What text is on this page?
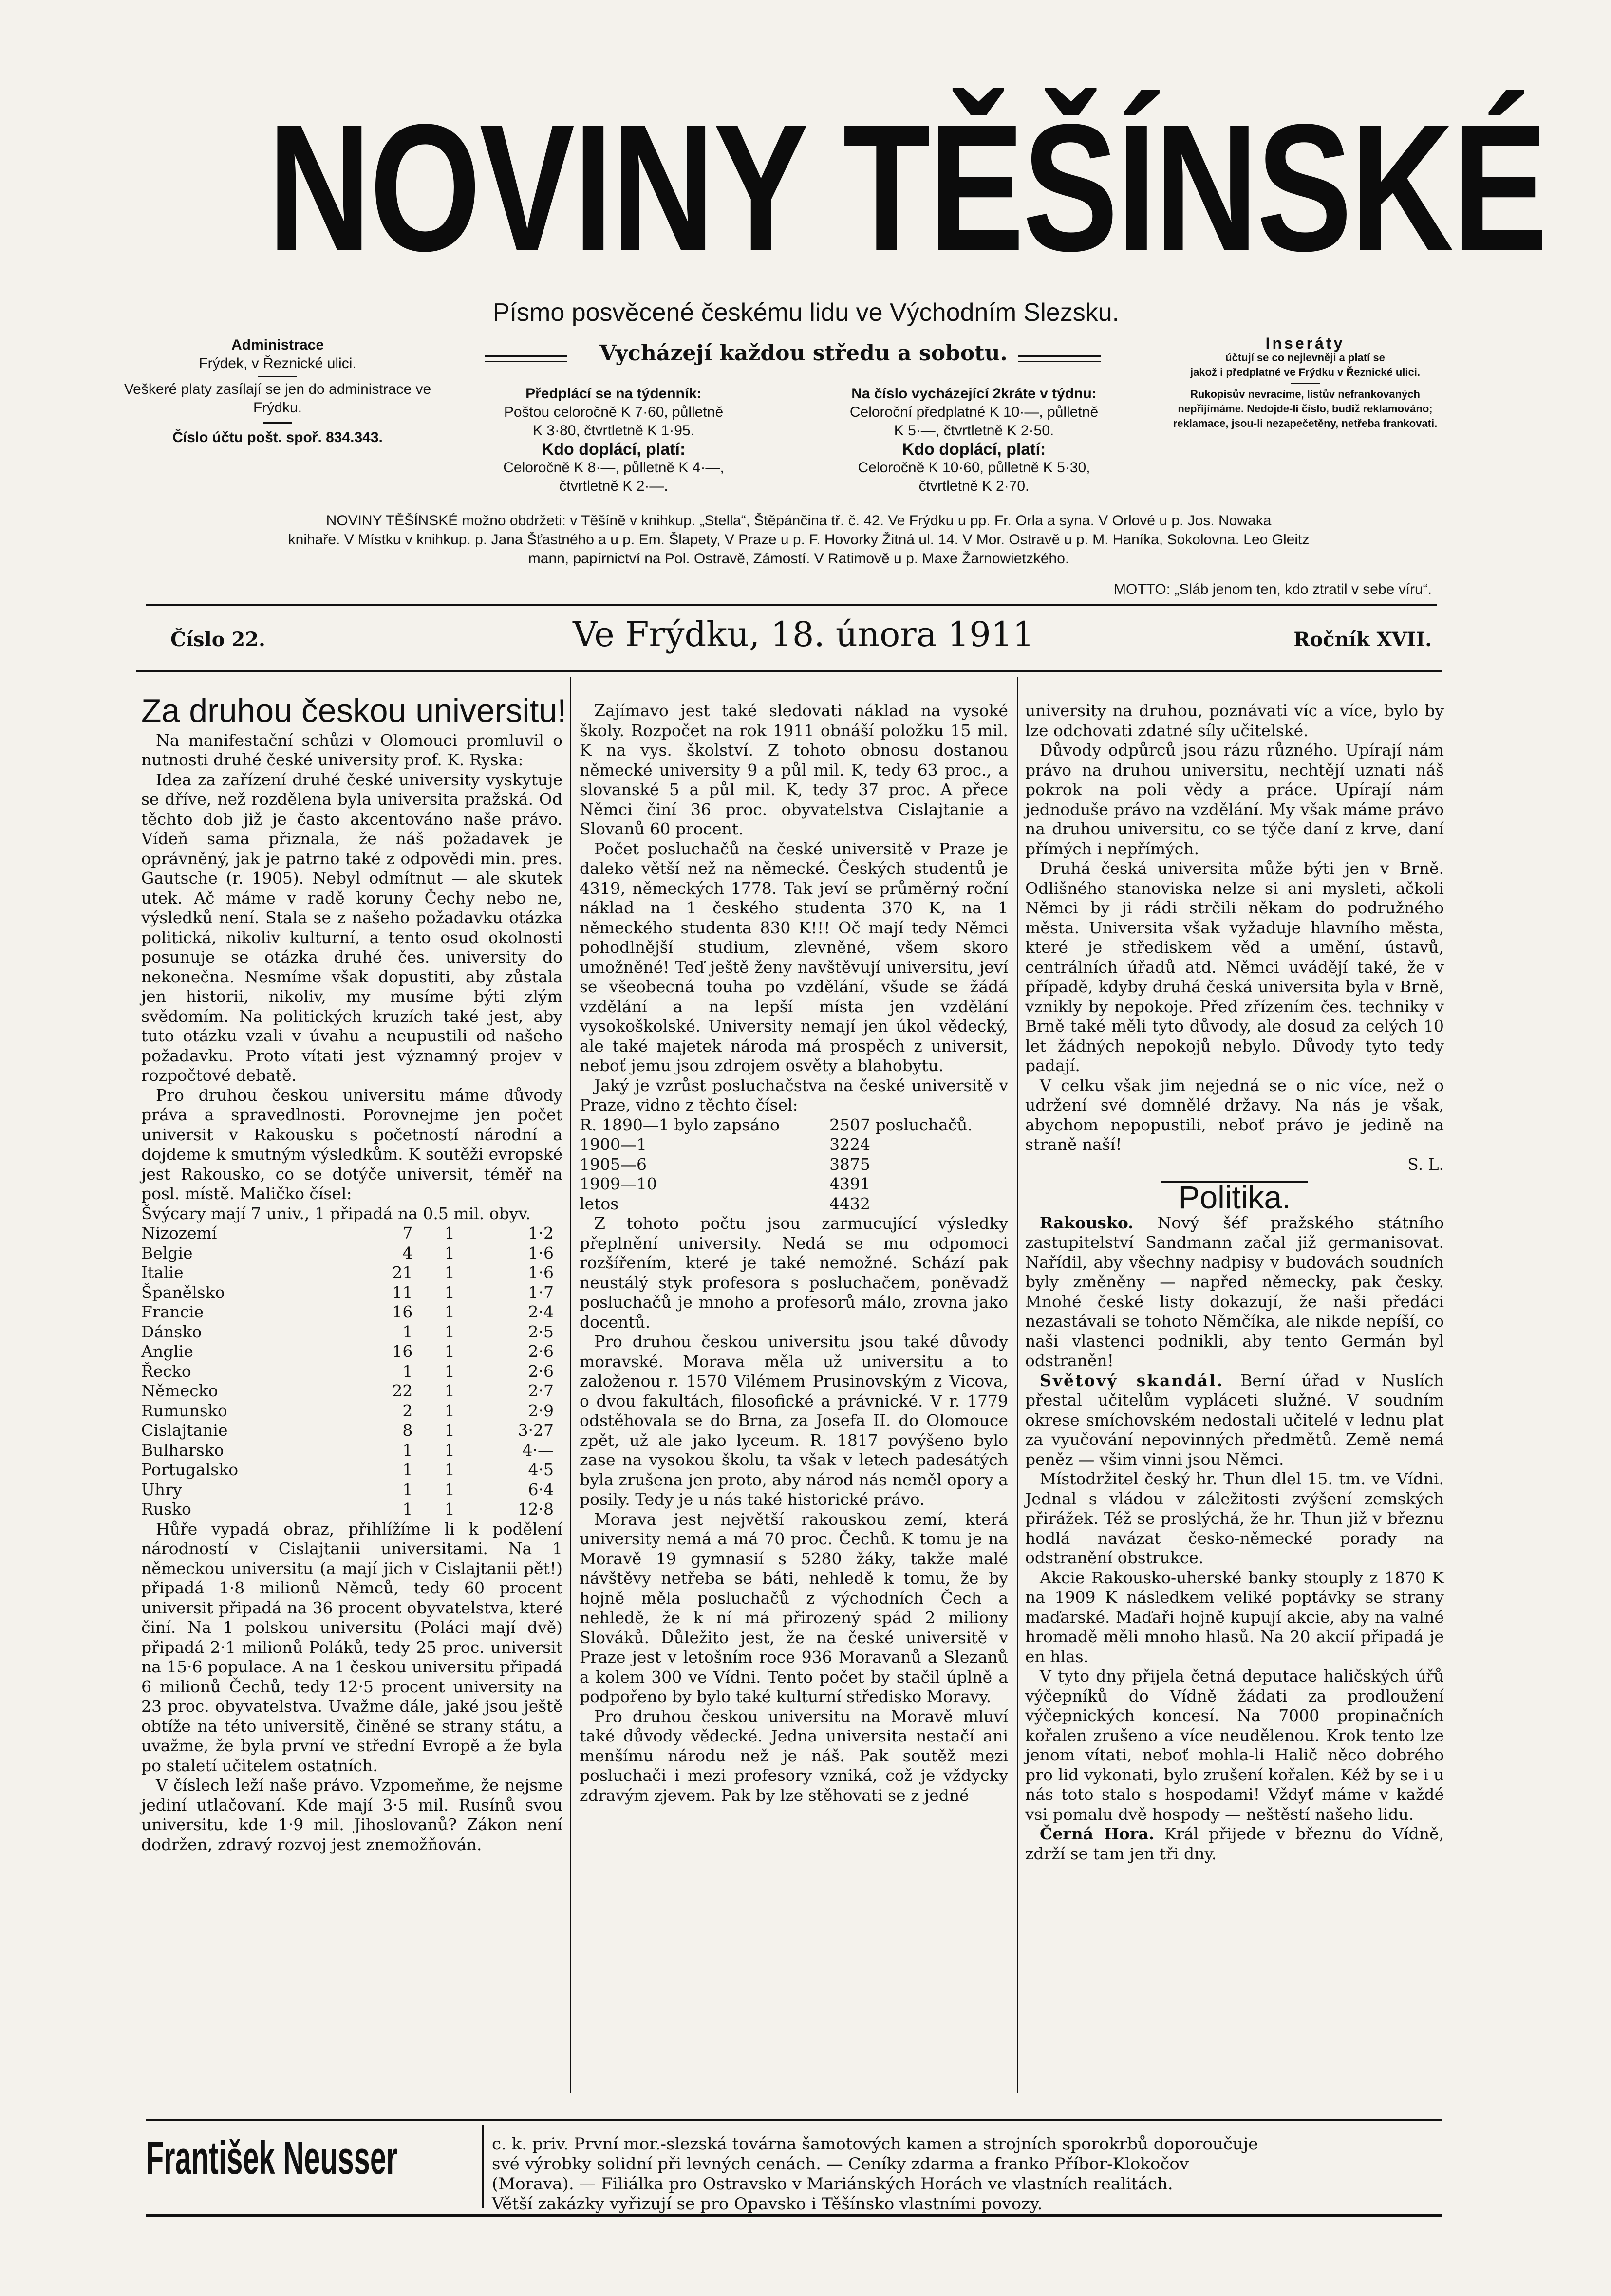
NOVINY TĚŠÍNSKÉ
Písmo posvěcené českému lidu ve Východním Slezsku.
Administrace
Frýdek, v Řeznické ulici.
Veškeré platy zasílají se jen do administrace ve Frýdku.
Číslo účtu pošt. spoř. 834.343.
Vycházejí každou středu a sobotu.
Předplácí se na týdenník:
Poštou celoročně K 7·60, půlletně
K 3·80, čtvrtletně K 1·95.
Kdo doplácí, platí:
Celoročně K 8·—, půlletně K 4·—,
čtvrtletně K 2·—.
Na číslo vycházející 2kráte v týdnu:
Celoroční předplatné K 10·—, půlletně
K 5·—, čtvrtletně K 2·50.
Kdo doplácí, platí:
Celoročně K 10·60, půlletně K 5·30,
čtvrtletně K 2·70.
Inseráty
účtují se co nejlevněji a platí se
jakož i předplatné ve Frýdku v Řeznické ulici.
Rukopisův nevracíme, listův nefrankovaných nepřijímáme. Nedojde-li číslo, budiž reklamováno; reklamace, jsou-li nezapečetěny, netřeba frankovati.
NOVINY TĚŠÍNSKÉ možno obdržeti: v Těšíně v knihkup. „Stella“, Štěpánčina tř. č. 42. Ve Frýdku u pp. Fr. Orla a syna. V Orlové u p. Jos. Nowaka
knihaře. V Místku v knihkup. p. Jana Šťastného a u p. Em. Šlapety, V Praze u p. F. Hovorky Žitná ul. 14. V Mor. Ostravě u p. M. Haníka, Sokolovna. Leo Gleitz
mann, papírnictví na Pol. Ostravě, Zámostí. V Ratimově u p. Maxe Žarnowietzkého.
MOTTO: „Sláb jenom ten, kdo ztratil v sebe víru“.
Číslo 22.	Ve Frýdku, 18. února 1911	Ročník XVII.
Za druhou českou universitu!

Na manifestační schůzi v Olomouci promluvil o nutnosti druhé české university prof. K. Ryska:

Idea za zařízení druhé české university vyskytuje se dříve, než rozdělena byla universita pražská. Od těchto dob již je často akcentováno naše právo. Vídeň sama přiznala, že náš požadavek je oprávněný, jak je patrno také z odpovědi min. pres. Gautsche (r. 1905). Nebyl odmítnut — ale skutek utek. Ač máme v radě koruny Čechy nebo ne, výsledků není. Stala se z našeho požadavku otázka politická, nikoliv kulturní, a tento osud okolnosti posunuje se otázka druhé čes. university do nekonečna. Nesmíme však dopustiti, aby zůstala jen historii, nikoliv, my musíme býti zlým svědomím. Na politických kruzích také jest, aby tuto otázku vzali v úvahu a neupustili od našeho požadavku. Proto vítati jest významný projev v rozpočtové debatě.

Pro druhou českou universitu máme důvody práva a spravedlnosti. Porovnejme jen počet universit v Rakousku s početností národní a dojdeme k smutným výsledkům. K soutěži evropské jest Rakousko, co se dotýče universit, téměř na posl. místě. Maličko čísel:

Švýcary mají 7 univ., 1 připadá na 0.5 mil. obyv.

Nizozemí	7	1	1·2
Belgie	4	1	1·6
Italie	21	1	1·6
Španělsko	11	1	1·7
Francie	16	1	2·4
Dánsko	1	1	2·5
Anglie	16	1	2·6
Řecko	1	1	2·6
Německo	22	1	2·7
Rumunsko	2	1	2·9
Cislajtanie	8	1	3·27
Bulharsko	1	1	4·—
Portugalsko	1	1	4·5
Uhry	1	1	6·4
Rusko	1	1	12·8

Hůře vypadá obraz, přihlížíme li k podělení národností v Cislajtanii universitami. Na 1 německou universitu (a mají jich v Cislajtanii pět!) připadá 1·8 milionů Němců, tedy 60 procent universit připadá na 36 procent obyvatelstva, které činí. Na 1 polskou universitu (Poláci mají dvě) připadá 2·1 milionů Poláků, tedy 25 proc. universit na 15·6 populace. A na 1 českou universitu připadá 6 milionů Čechů, tedy 12·5 procent university na 23 proc. obyvatelstva. Uvažme dále, jaké jsou ještě obtíže na této universitě, činěné se strany státu, a uvažme, že byla první ve střední Evropě a že byla po staletí učitelem ostatních.

V číslech leží naše právo. Vzpomeňme, že nejsme jediní utlačovaní. Kde mají 3·5 mil. Rusínů svou universitu, kde 1·9 mil. Jihoslovanů? Zákon není dodržen, zdravý rozvoj jest znemožňován.

Zajímavo jest také sledovati náklad na vysoké školy. Rozpočet na rok 1911 obnáší položku 15 mil. K na vys. školství. Z tohoto obnosu dostanou německé university 9 a půl mil. K, tedy 63 proc., a slovanské 5 a půl mil. K, tedy 37 proc. A přece Němci činí 36 proc. obyvatelstva Cislajtanie a Slovanů 60 procent.

Počet posluchačů na české universitě v Praze je daleko větší než na německé. Českých studentů je 4319, německých 1778. Tak jeví se průměrný roční náklad na 1 českého studenta 370 K, na 1 německého studenta 830 K!!! Oč mají tedy Němci pohodlnější studium, zlevněné, všem skoro umožněné! Teď ještě ženy navštěvují universitu, jeví se všeobecná touha po vzdělání, všude se žádá vzdělání a na lepší místa jen vzdělání vysokoškolské. University nemají jen úkol vědecký, ale také majetek národa má prospěch z universit, neboť jemu jsou zdrojem osvěty a blahobytu.

Jaký je vzrůst posluchačstva na české universitě v Praze, vidno z těchto čísel:

R. 1890—1 bylo zapsáno	2507 posluchačů.
1900—1	3224
1905—6	3875
1909—10	4391
letos	4432

Z tohoto počtu jsou zarmucující výsledky přeplnění university. Nedá se mu odpomoci rozšířením, které je také nemožné. Schází pak neustálý styk profesora s posluchačem, poněvadž posluchačů je mnoho a profesorů málo, zrovna jako docentů.

Pro druhou českou universitu jsou také důvody moravské. Morava měla už universitu a to založenou r. 1570 Vilémem Prusinovským z Vicova, o dvou fakultách, filosofické a právnické. V r. 1779 odstěhovala se do Brna, za Josefa II. do Olomouce zpět, už ale jako lyceum. R. 1817 povýšeno bylo zase na vysokou školu, ta však v letech padesátých byla zrušena jen proto, aby národ nás neměl opory a posily. Tedy je u nás také historické právo.

Morava jest největší rakouskou zemí, která university nemá a má 70 proc. Čechů. K tomu je na Moravě 19 gymnasií s 5280 žáky, takže malé návštěvy netřeba se báti, nehledě k tomu, že by hojně měla posluchačů z východních Čech a nehledě, že k ní má přirozený spád 2 miliony Slováků. Důležito jest, že na české universitě v Praze jest v letošním roce 936 Moravanů a Slezanů a kolem 300 ve Vídni. Tento počet by stačil úplně a podpořeno by bylo také kulturní středisko Moravy.

Pro druhou českou universitu na Moravě mluví také důvody vědecké. Jedna universita nestačí ani menšímu národu než je náš. Pak soutěž mezi posluchači i mezi profesory vzniká, což je vždycky zdravým zjevem. Pak by lze stěhovati se z jedné

university na druhou, poznávati víc a více, bylo by lze odchovati zdatné síly učitelské.

Důvody odpůrců jsou rázu různého. Upírají nám právo na druhou universitu, nechtějí uznati náš pokrok na poli vědy a práce. Upírají nám jednoduše právo na vzdělání. My však máme právo na druhou universitu, co se týče daní z krve, daní přímých i nepřímých.

Druhá česká universita může býti jen v Brně. Odlišného stanoviska nelze si ani mysleti, ačkoli Němci by ji rádi strčili někam do podružného města. Universita však vyžaduje hlavního města, které je střediskem věd a umění, ústavů, centrálních úřadů atd. Němci uvádějí také, že v případě, kdyby druhá česká universita byla v Brně, vznikly by nepokoje. Před zřízením čes. techniky v Brně také měli tyto důvody, ale dosud za celých 10 let žádných nepokojů nebylo. Důvody tyto tedy padají.

V celku však jim nejedná se o nic více, než o udržení své domnělé državy. Na nás je však, abychom nepopustili, neboť právo je jedině na straně naší!

S. L.
Politika.

Rakousko. Nový šéf pražského státního zastupitelství Sandmann začal již germanisovat. Nařídil, aby všechny nadpisy v budovách soudních byly změněny — napřed německy, pak česky. Mnohé české listy dokazují, že naši předáci nezastávali se tohoto Němčíka, ale nikde nepíší, co naši vlastenci podnikli, aby tento Germán byl odstraněn!

Světový skandál. Berní úřad v Nuslích přestal učitelům vypláceti služné. V soudním okrese smíchovském nedostali učitelé v lednu plat za vyučování nepovinných předmětů. Země nemá peněz — všim vinni jsou Němci.

Místodržitel český hr. Thun dlel 15. tm. ve Vídni. Jednal s vládou v záležitosti zvýšení zemských přirážek. Též se proslýchá, že hr. Thun již v březnu hodlá navázat česko-německé porady na odstranění obstrukce.

Akcie Rakousko-uherské banky stouply z 1870 K na 1909 K následkem veliké poptávky se strany maďarské. Maďaři hojně kupují akcie, aby na valné hromadě měli mnoho hlasů. Na 20 akcií připadá je en hlas.

V tyto dny přijela četná deputace haličských úřů výčepníků do Vídně žádati za prodloužení výčepnických koncesí. Na 7000 propinačních kořalen zrušeno a více neudělenou. Krok tento lze jenom vítati, neboť mohla-li Halič něco dobrého pro lid vykonati, bylo zrušení kořalen. Kéž by se i u nás toto stalo s hospodami! Vždyť máme v každé vsi pomalu dvě hospody — neštěstí našeho lidu.

Černá Hora. Král přijede v březnu do Vídně, zdrží se tam jen tři dny.

František Neusser	c. k. priv. První mor.-slezská továrna šamotových kamen a strojních sporokrbů doporoučuje
své výrobky solidní při levných cenách. — Ceníky zdarma a franko Příbor-Klokočov
(Morava). — Filiálka pro Ostravsko v Mariánských Horách ve vlastních realitách.
Větší zakázky vyřizují se pro Opavsko i Těšínsko vlastními povozy.
